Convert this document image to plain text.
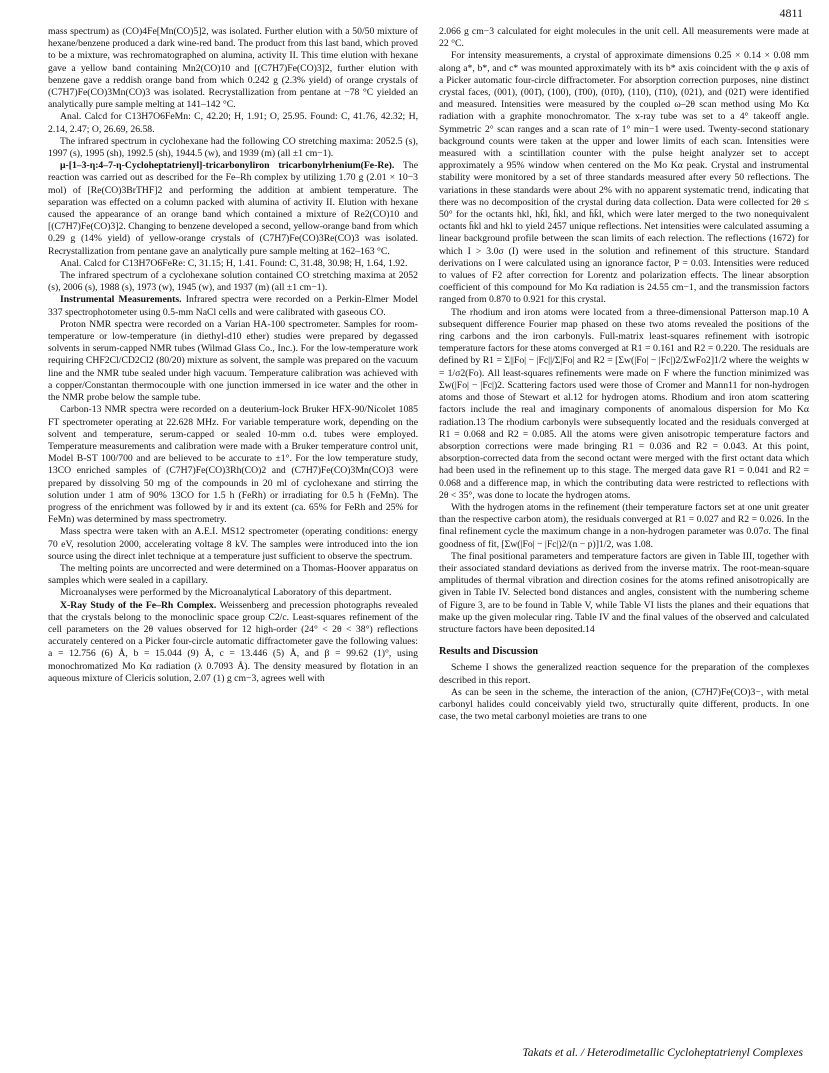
4811

mass spectrum) as (CO)4Fe[Mn(CO)5]2, was isolated. Further elution with a 50/50 mixture of hexane/benzene produced a dark wine-red band. The product from this last band, which proved to be a mixture, was rechromatographed on alumina, activity II. This time elution with hexane gave a yellow band containing Mn2(CO)10 and [(C7H7)Fe(CO)3]2, further elution with benzene gave a reddish orange band from which 0.242 g (2.3% yield) of orange crystals of (C7H7)Fe(CO)3Mn(CO)3 was isolated. Recrystallization from pentane at −78 °C yielded an analytically pure sample melting at 141–142 °C.

Anal. Calcd for C13H7O6FeMn: C, 42.20; H, 1.91; O, 25.95. Found: C, 41.76, 42.32; H, 2.14, 2.47; O, 26.69, 26.58.

The infrared spectrum in cyclohexane had the following CO stretching maxima: 2052.5 (s), 1997 (s), 1995 (sh), 1992.5 (sh), 1944.5 (w), and 1939 (m) (all ±1 cm−1).

μ-[1–3-η:4–7-η-Cycloheptatrienyl]-tricarbonyliron tricarbonylrhenium(Fe-Re). The reaction was carried out as described for the Fe–Rh complex by utilizing 1.70 g (2.01 × 10−3 mol) of [Re(CO)3BrTHF]2 and performing the addition at ambient temperature. The separation was effected on a column packed with alumina of activity II. Elution with hexane caused the appearance of an orange band which contained a mixture of Re2(CO)10 and [(C7H7)Fe(CO)3]2. Changing to benzene developed a second, yellow-orange band from which 0.29 g (14% yield) of yellow-orange crystals of (C7H7)Fe(CO)3Re(CO)3 was isolated. Recrystallization from pentane gave an analytically pure sample melting at 162–163 °C.

Anal. Calcd for C13H7O6FeRe: C, 31.15; H, 1.41. Found: C, 31.48, 30.98; H, 1.64, 1.92.

The infrared spectrum of a cyclohexane solution contained CO stretching maxima at 2052 (s), 2006 (s), 1988 (s), 1973 (w), 1945 (w), and 1937 (m) (all ±1 cm−1).

Instrumental Measurements. Infrared spectra were recorded on a Perkin-Elmer Model 337 spectrophotometer using 0.5-mm NaCl cells and were calibrated with gaseous CO.

Proton NMR spectra were recorded on a Varian HA-100 spectrometer. Samples for room-temperature or low-temperature (in diethyl-d10 ether) studies were prepared by degassed solvents in serum-capped NMR tubes (Wilmad Glass Co., Inc.). For the low-temperature work requiring CHF2Cl/CD2Cl2 (80/20) mixture as solvent, the sample was prepared on the vacuum line and the NMR tube sealed under high vacuum. Temperature calibration was achieved with a copper/Constantan thermocouple with one junction immersed in ice water and the other in the NMR probe below the sample tube.

Carbon-13 NMR spectra were recorded on a deuterium-lock Bruker HFX-90/Nicolet 1085 FT spectrometer operating at 22.628 MHz. For variable temperature work, depending on the solvent and temperature, serum-capped or sealed 10-mm o.d. tubes were employed. Temperature measurements and calibration were made with a Bruker temperature control unit, Model B-ST 100/700 and are believed to be accurate to ±1°. For the low temperature study, 13CO enriched samples of (C7H7)Fe(CO)3Rh(CO)2 and (C7H7)Fe(CO)3Mn(CO)3 were prepared by dissolving 50 mg of the compounds in 20 ml of cyclohexane and stirring the solution under 1 atm of 90% 13CO for 1.5 h (FeRh) or irradiating for 0.5 h (FeMn). The progress of the enrichment was followed by ir and its extent (ca. 65% for FeRh and 25% for FeMn) was determined by mass spectrometry.

Mass spectra were taken with an A.E.I. MS12 spectrometer (operating conditions: energy 70 eV, resolution 2000, accelerating voltage 8 kV. The samples were introduced into the ion source using the direct inlet technique at a temperature just sufficient to observe the spectrum.

The melting points are uncorrected and were determined on a Thomas-Hoover apparatus on samples which were sealed in a capillary.

Microanalyses were performed by the Microanalytical Laboratory of this department.

X-Ray Study of the Fe–Rh Complex. Weissenberg and precession photographs revealed that the crystals belong to the monoclinic space group C2/c. Least-squares refinement of the cell parameters on the 2θ values observed for 12 high-order (24° < 2θ < 38°) reflections accurately centered on a Picker four-circle automatic diffractometer gave the following values: a = 12.756 (6) Å, b = 15.044 (9) Å, c = 13.446 (5) Å, and β = 99.62 (1)°, using monochromatized Mo Kα radiation (λ 0.7093 Å). The density measured by flotation in an aqueous mixture of Clericis solution, 2.07 (1) g cm−3, agrees well with

2.066 g cm−3 calculated for eight molecules in the unit cell. All measurements were made at 22 °C.

For intensity measurements, a crystal of approximate dimensions 0.25 × 0.14 × 0.08 mm along a*, b*, and c* was mounted approximately with its b* axis coincident with the φ axis of a Picker automatic four-circle diffractometer. For absorption correction purposes, nine distinct crystal faces, (001), (001̄), (100), (1̄00), (01̄0), (110), (1̄10), (021), and (021̄) were identified and measured. Intensities were measured by the coupled ω–2θ scan method using Mo Kα radiation with a graphite monochromator. The x-ray tube was set to a 4° takeoff angle. Symmetric 2° scan ranges and a scan rate of 1° min−1 were used. Twenty-second stationary background counts were taken at the upper and lower limits of each scan. Intensities were measured with a scintillation counter with the pulse height analyzer set to accept approximately a 95% window when centered on the Mo Kα peak. Crystal and instrumental stability were monitored by a set of three standards measured after every 50 reflections. The variations in these standards were about 2% with no apparent systematic trend, indicating that there was no decomposition of the crystal during data collection. Data were collected for 2θ ≤ 50° for the octants hkl, hk̄l, h̄kl, and h̄k̄l, which were later merged to the two nonequivalent octants h̄kl and hkl to yield 2457 unique reflections. Net intensities were calculated assuming a linear background profile between the scan limits of each relection. The reflections (1672) for which I > 3.0σ (I) were used in the solution and refinement of this structure. Standard derivations on I were calculated using an ignorance factor, P = 0.03. Intensities were reduced to values of F2 after correction for Lorentz and polarization effects. The linear absorption coefficient of this compound for Mo Kα radiation is 24.55 cm−1, and the transmission factors ranged from 0.870 to 0.921 for this crystal.

The rhodium and iron atoms were located from a three-dimensional Patterson map.10 A subsequent difference Fourier map phased on these two atoms revealed the positions of the ring carbons and the iron carbonyls. Full-matrix least-squares refinement with isotropic temperature factors for these atoms converged at R1 = 0.161 and R2 = 0.220. The residuals are defined by R1 = Σ||Fo| − |Fc||/Σ|Fo| and R2 = [Σw(|Fo| − |Fc|)2/ΣwFo2]1/2 where the weights w = 1/σ2(Fo). All least-squares refinements were made on F where the function minimized was Σw(|Fo| − |Fc|)2. Scattering factors used were those of Cromer and Mann11 for non-hydrogen atoms and those of Stewart et al.12 for hydrogen atoms. Rhodium and iron atom scattering factors include the real and imaginary components of anomalous dispersion for Mo Kα radiation.13 The rhodium carbonyls were subsequently located and the residuals converged at R1 = 0.068 and R2 = 0.085. All the atoms were given anisotropic temperature factors and absorption corrections were made bringing R1 = 0.036 and R2 = 0.043. At this point, absorption-corrected data from the second octant were merged with the first octant data which had been used in the refinement up to this stage. The merged data gave R1 = 0.041 and R2 = 0.068 and a difference map, in which the contributing data were restricted to reflections with 2θ < 35°, was done to locate the hydrogen atoms.

With the hydrogen atoms in the refinement (their temperature factors set at one unit greater than the respective carbon atom), the residuals converged at R1 = 0.027 and R2 = 0.026. In the final refinement cycle the maximum change in a non-hydrogen parameter was 0.07σ. The final goodness of fit, [Σw(|Fo| − |Fc|)2/(n − p)]1/2, was 1.08.

The final positional parameters and temperature factors are given in Table III, together with their associated standard deviations as derived from the inverse matrix. The root-mean-square amplitudes of thermal vibration and direction cosines for the atoms refined anisotropically are given in Table IV. Selected bond distances and angles, consistent with the numbering scheme of Figure 3, are to be found in Table V, while Table VI lists the planes and their equations that make up the given molecular ring. Table IV and the final values of the observed and calculated structure factors have been deposited.14

Results and Discussion

Scheme I shows the generalized reaction sequence for the preparation of the complexes described in this report.

As can be seen in the scheme, the interaction of the anion, (C7H7)Fe(CO)3−, with metal carbonyl halides could conceivably yield two, structurally quite different, products. In one case, the two metal carbonyl moieties are trans to one

Takats et al. / Heterodimetallic Cycloheptatrienyl Complexes
